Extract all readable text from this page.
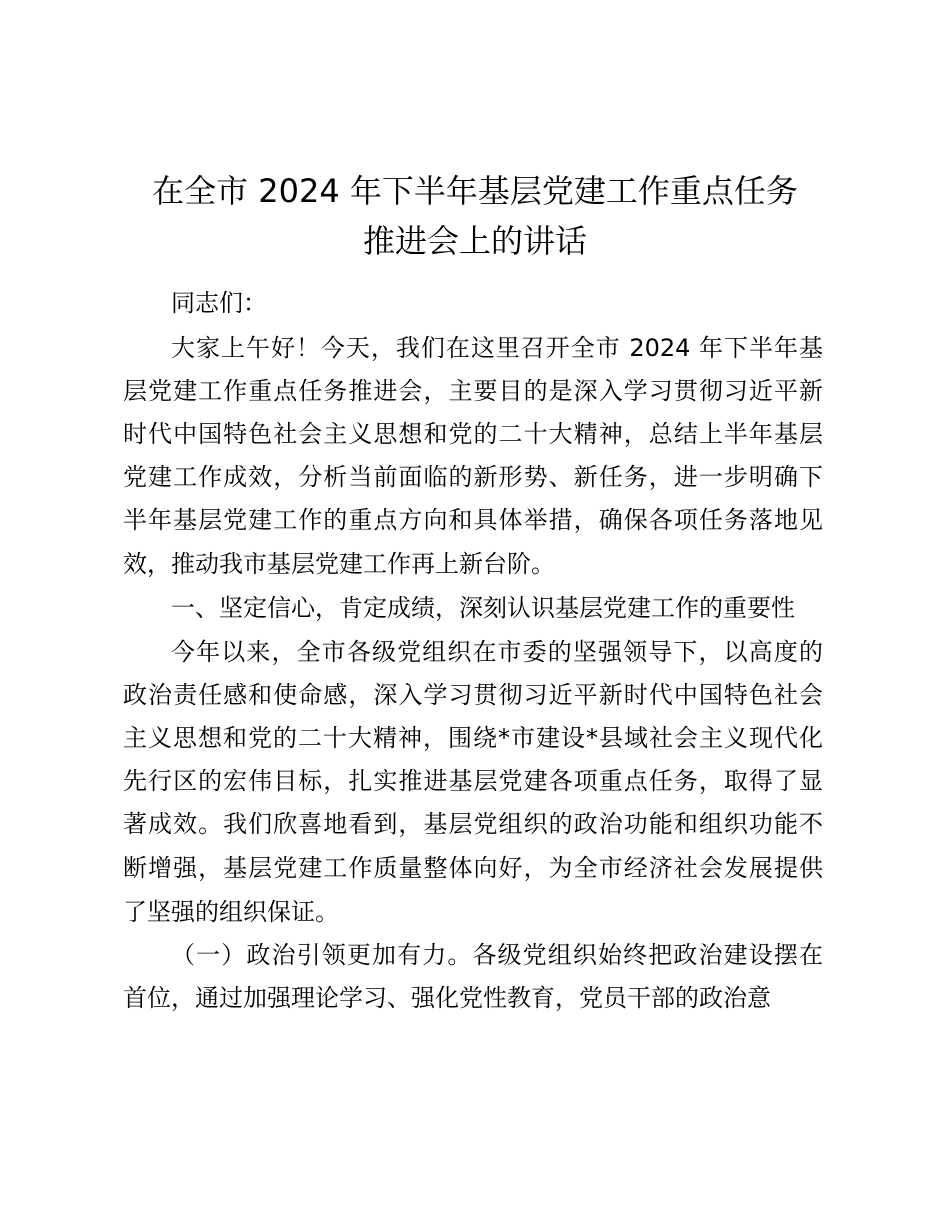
在全市 2024 年下半年基层党建工作重点任务
推进会上的讲话

同志们：

大家上午好！今天，我们在这里召开全市 2024 年下半年基

层党建工作重点任务推进会，主要目的是深入学习贯彻习近平新

时代中国特色社会主义思想和党的二十大精神，总结上半年基层

党建工作成效，分析当前面临的新形势、新任务，进一步明确下

半年基层党建工作的重点方向和具体举措，确保各项任务落地见

效，推动我市基层党建工作再上新台阶。

一、坚定信心，肯定成绩，深刻认识基层党建工作的重要性

今年以来，全市各级党组织在市委的坚强领导下，以高度的

政治责任感和使命感，深入学习贯彻习近平新时代中国特色社会

主义思想和党的二十大精神，围绕*市建设*县域社会主义现代化

先行区的宏伟目标，扎实推进基层党建各项重点任务，取得了显

著成效。我们欣喜地看到，基层党组织的政治功能和组织功能不

断增强，基层党建工作质量整体向好，为全市经济社会发展提供

了坚强的组织保证。

（一）政治引领更加有力。各级党组织始终把政治建设摆在

首位，通过加强理论学习、强化党性教育，党员干部的政治意
